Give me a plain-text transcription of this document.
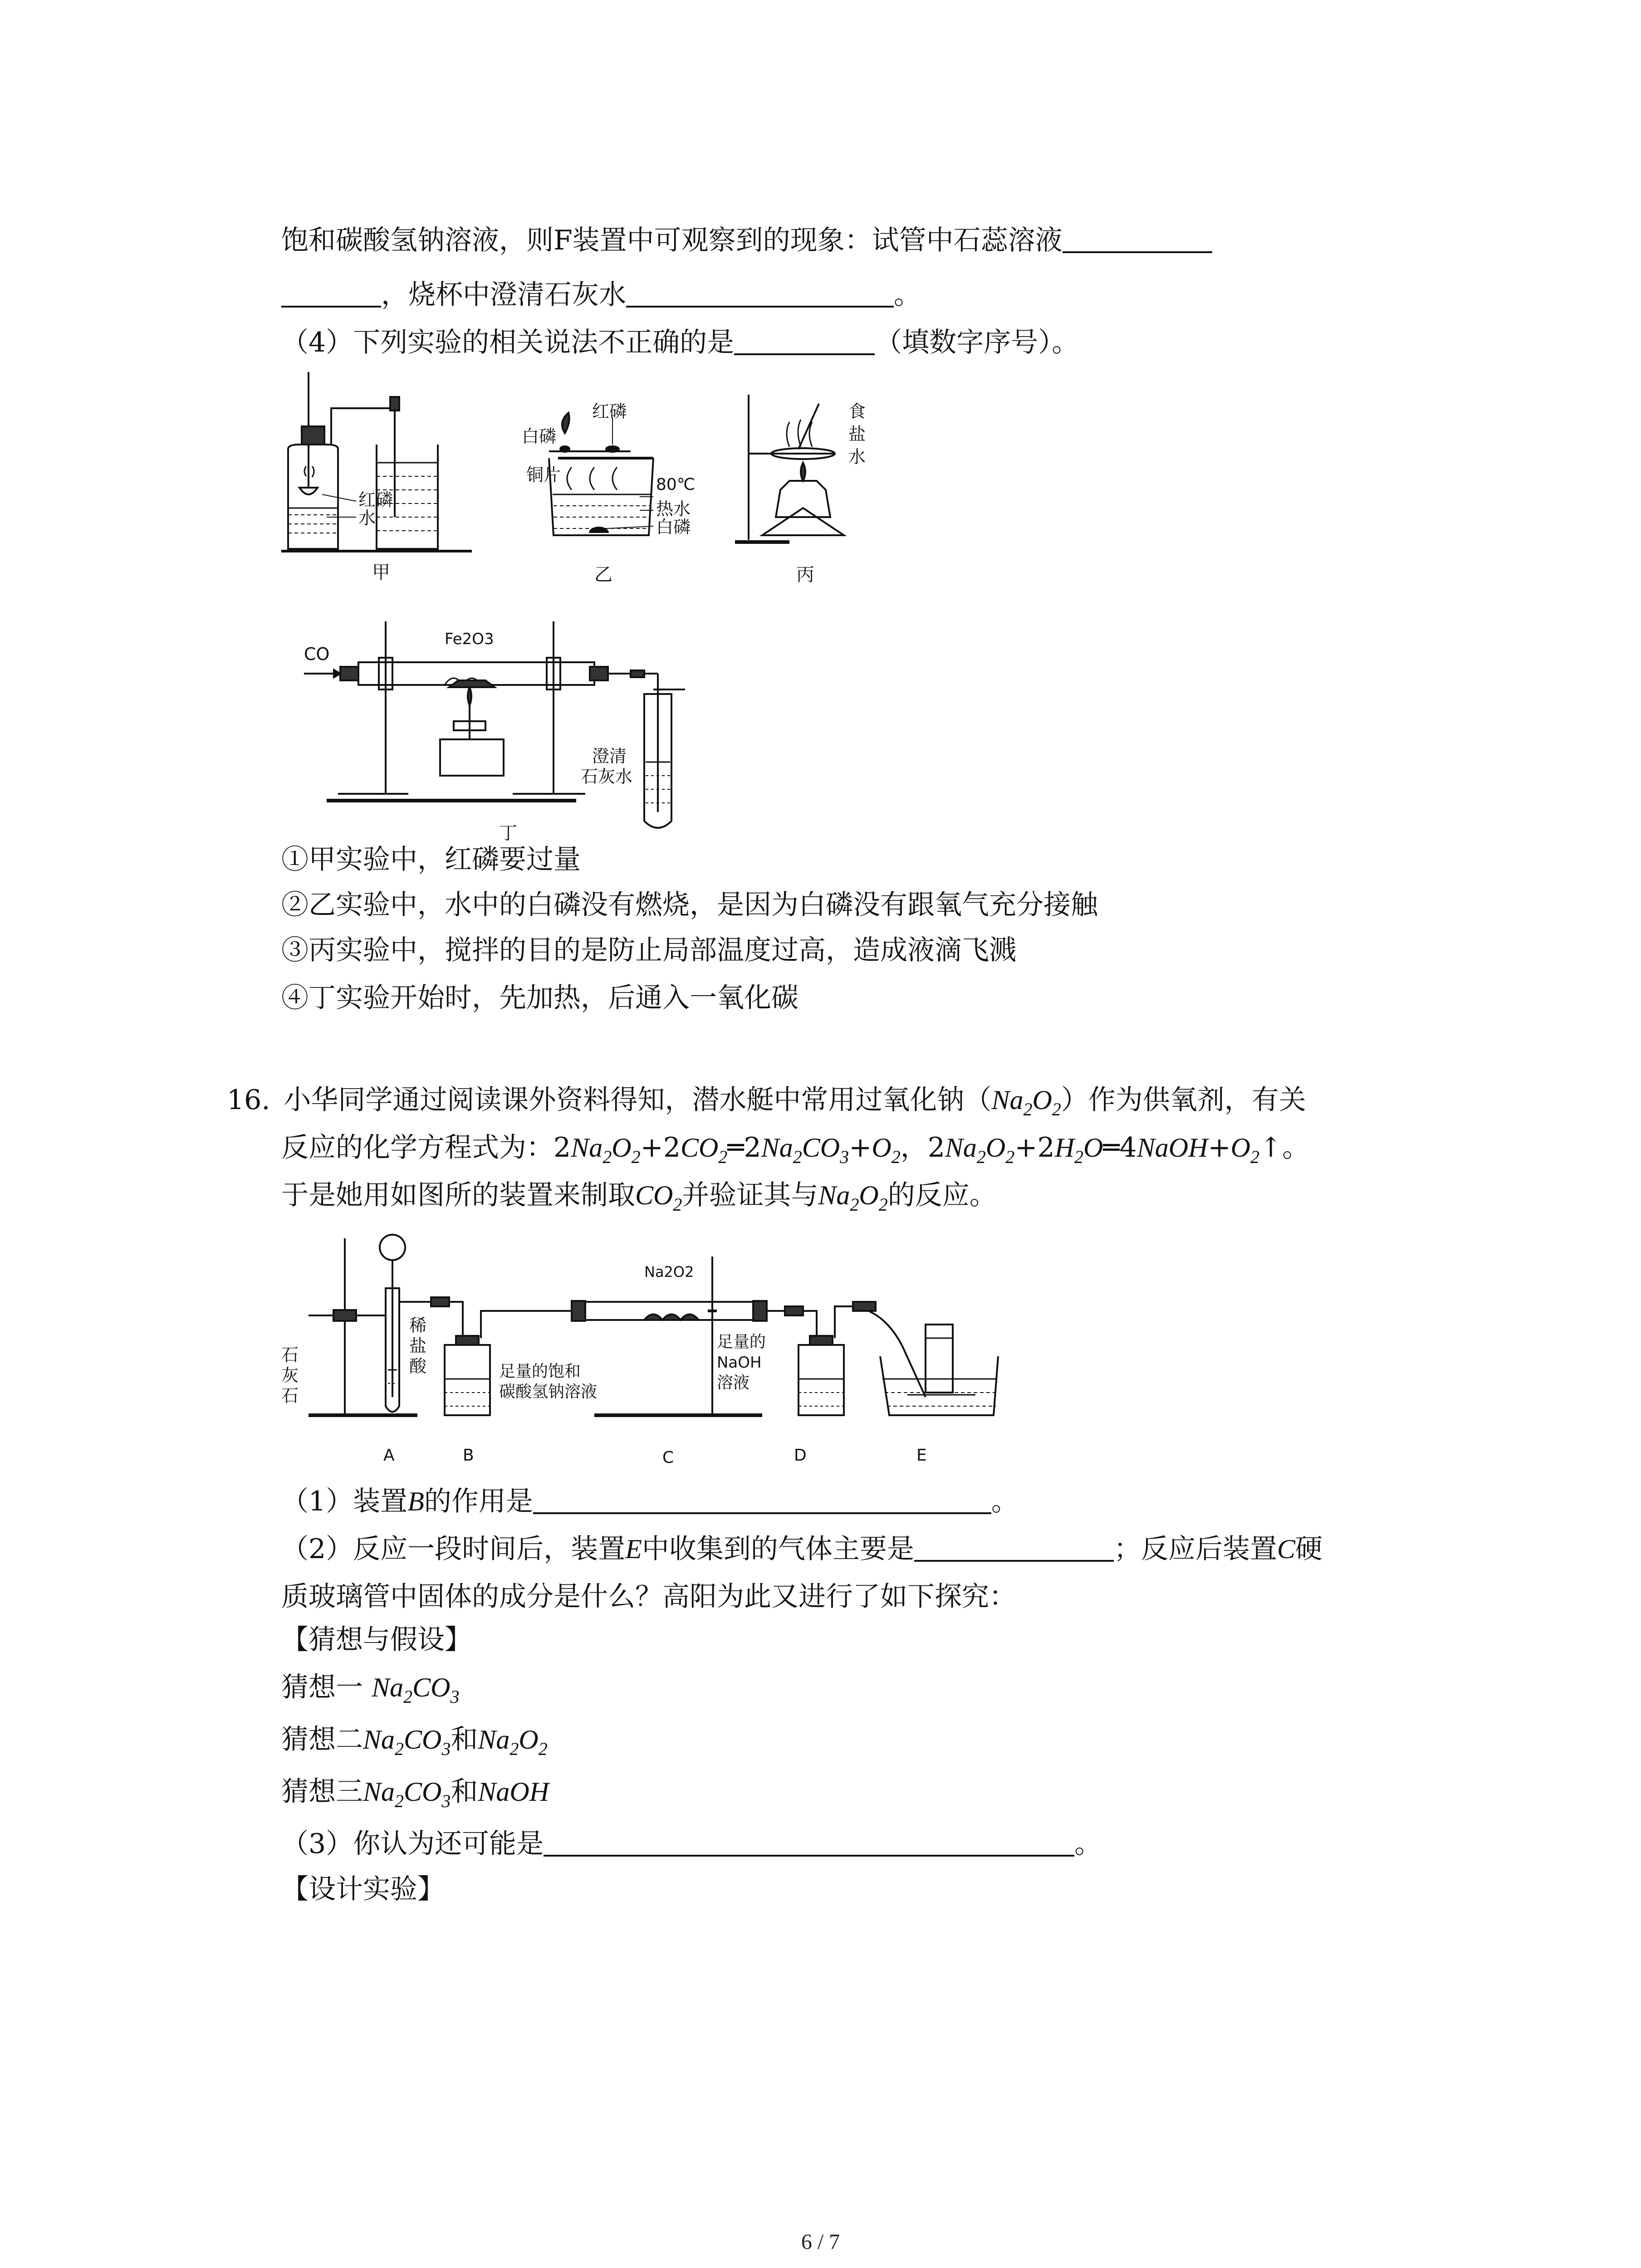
饱和碳酸氢钠溶液，则F装置中可观察到的现象：试管中石蕊溶液
，烧杯中澄清石灰水	。
（4）下列实验的相关说法不正确的是	（填数字序号）。
红磷
水
甲
红磷
白磷
铜片	80℃
热水
白磷
乙
食
盐
水
丙
CO
Fe2O3
澄清
石灰水
丁
①甲实验中，红磷要过量
②乙实验中，水中的白磷没有燃烧，是因为白磷没有跟氧气充分接触
③丙实验中，搅拌的目的是防止局部温度过高，造成液滴飞溅
④丁实验开始时，先加热，后通入一氧化碳
16.  小华同学通过阅读课外资料得知，潜水艇中常用过氧化钠$(Na_2O_2)$作为供氧剂，有关
反应的化学方程式为：$2Na_2O_2+2CO_2═2Na_2CO_3+O_2$，$2Na_2O_2+2H_2O═4NaOH+O_2↑$。
于是她用如图所的装置来制取$CO_2$并验证其与$Na_2O_2$的反应。
石
灰
石
稀
盐
酸
Na2O2
足量的饱和
碳酸氢钠溶液
足量的
NaOH
溶液
A	B	C	D	E
（1）装置B的作用是	。
（2）反应一段时间后，装置E中收集到的气体主要是	；反应后装置C硬
质玻璃管中固体的成分是什么？高阳为此又进行了如下探究：
【猜想与假设】
猜想一 $Na_2CO_3$
猜想二$Na_2CO_3$和$Na_2O_2$
猜想三$Na_2CO_3$和NaOH
（3）你认为还可能是	。
【设计实验】
6 / 7
